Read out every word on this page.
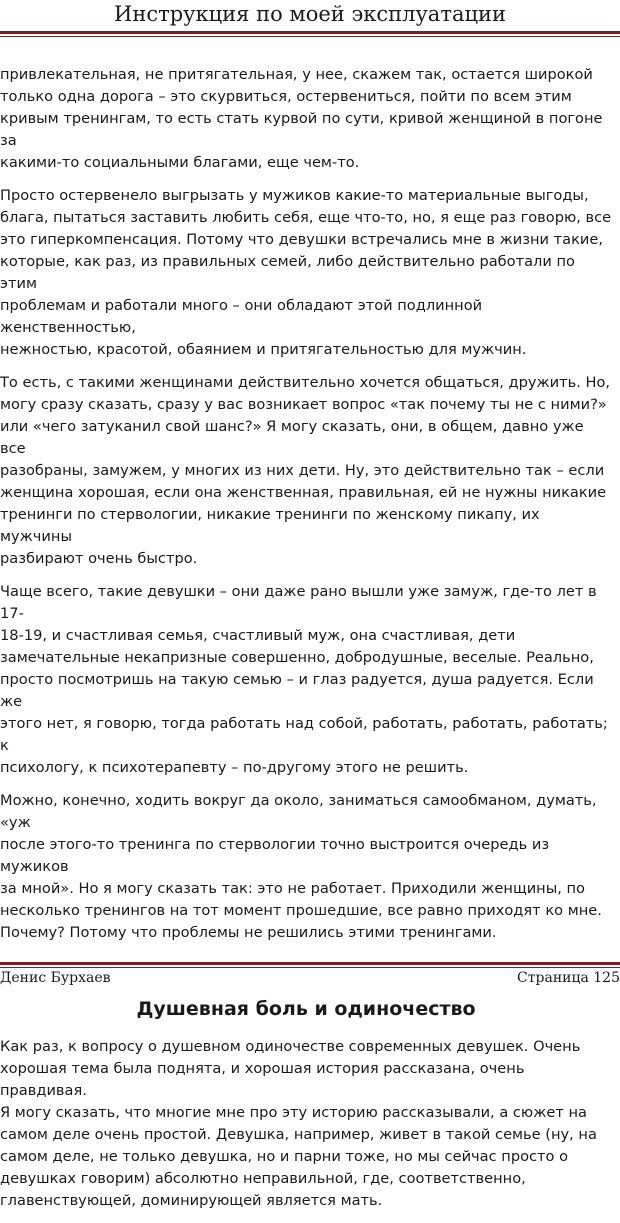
Инструкция по моей эксплуатации

привлекательная, не притягательная, у нее, скажем так, остается широкой
только одна дорога – это скурвиться, остервениться, пойти по всем этим
кривым тренингам, то есть стать курвой по сути, кривой женщиной в погоне за
какими-то социальными благами, еще чем-то.

Просто остервенело выгрызать у мужиков какие-то материальные выгоды,
блага, пытаться заставить любить себя, еще что-то, но, я еще раз говорю, все
это гиперкомпенсация. Потому что девушки встречались мне в жизни такие,
которые, как раз, из правильных семей, либо действительно работали по этим
проблемам и работали много – они обладают этой подлинной женственностью,
нежностью, красотой, обаянием и притягательностью для мужчин.

То есть, с такими женщинами действительно хочется общаться, дружить. Но,
могу сразу сказать, сразу у вас возникает вопрос «так почему ты не с ними?»
или «чего затуканил свой шанс?» Я могу сказать, они, в общем, давно уже все
разобраны, замужем, у многих из них дети. Ну, это действительно так – если
женщина хорошая, если она женственная, правильная, ей не нужны никакие
тренинги по стервологии, никакие тренинги по женскому пикапу, их мужчины
разбирают очень быстро.

Чаще всего, такие девушки – они даже рано вышли уже замуж, где-то лет в 17-
18-19, и счастливая семья, счастливый муж, она счастливая, дети
замечательные некапризные совершенно, добродушные, веселые. Реально,
просто посмотришь на такую семью – и глаз радуется, душа радуется. Если же
этого нет, я говорю, тогда работать над собой, работать, работать, работать; к
психологу, к психотерапевту – по-другому этого не решить.

Можно, конечно, ходить вокруг да около, заниматься самообманом, думать, «уж
после этого-то тренинга по стервологии точно выстроится очередь из мужиков
за мной». Но я могу сказать так: это не работает. Приходили женщины, по
несколько тренингов на тот момент прошедшие, все равно приходят ко мне.
Почему? Потому что проблемы не решились этими тренингами.

Душевная боль и одиночество

Как раз, к вопросу о душевном одиночестве современных девушек. Очень
хорошая тема была поднята, и хорошая история рассказана, очень правдивая.
Я могу сказать, что многие мне про эту историю рассказывали, а сюжет на
самом деле очень простой. Девушка, например, живет в такой семье (ну, на
самом деле, не только девушка, но и парни тоже, но мы сейчас просто о
девушках говорим) абсолютно неправильной, где, соответственно,
главенствующей, доминирующей является мать.

Денис Бурхаев	Страница 125
